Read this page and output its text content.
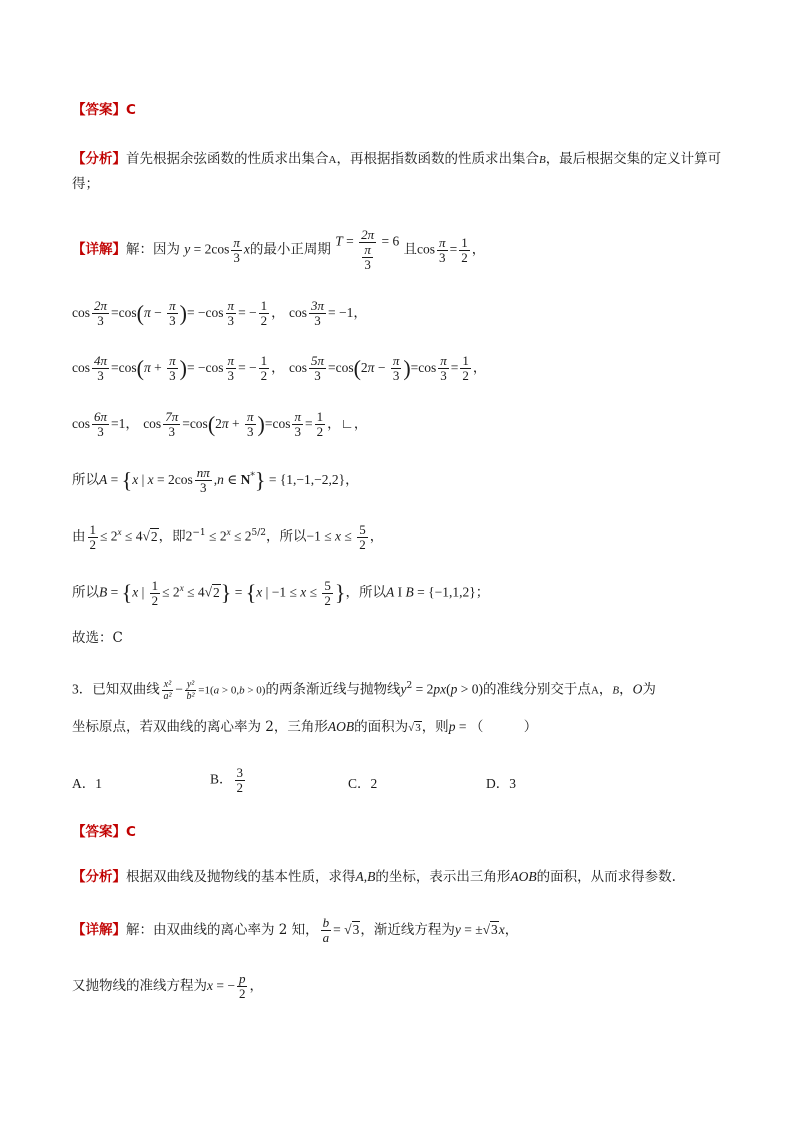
【答案】C
【分析】首先根据余弦函数的性质求出集合A，再根据指数函数的性质求出集合B，最后根据交集的定义计算可得；
【详解】解：因为 $y = 2\cos \frac{\pi}{3}$ x的最小正周期 $T = \frac{2\pi}{\frac{\pi}{3}} = 6$ 且$\cos \frac{\pi}{3} = \frac{1}{2}$ ，
$\cos \frac{2\pi}{3} =\cos(\pi - \frac{\pi}{3}$ )= $-\cos \frac{\pi}{3}$ = − $\frac{1}{2}$ ， $\cos \frac{3\pi}{3} = -1$，
$\cos \frac{4\pi}{3} =\cos(\pi + \frac{\pi}{3}$ )= $-\cos \frac{\pi}{3}$ = − $\frac{1}{2}$ ， $\cos \frac{5\pi}{3} =\cos(2\pi - \frac{\pi}{3} )=\cos \frac{\pi}{3} = \frac{1}{2}$ ，
$\cos \frac{6\pi}{3} =1$， $\cos \frac{7\pi}{3} =\cos(2\pi + \frac{\pi}{3} )=\cos \frac{\pi}{3} = \frac{1}{2}$ ，∟，
所以A = {x | $x = 2\cos \frac{n\pi}{3} ,n$ ∈ N*} = {1,−1,−2,2}，
由 $\frac{1}{2} \le 2^x \le 4√2$，即$2^{-1} \le 2^x \le 2^{5/2}$，所以$-1 \le x \le \frac{5}{2}$ ，
所以B = {x | $\frac{1}{2} \le 2^x \le 4√2\} = \{x$ | $-1 \le x \le \frac{5}{2}$ }，所以A I B = {−1,1,2}；
故选：C
3．已知双曲线 $\frac{\text{x²}}{\text{a²}} - \frac{\text{y²}}{\text{b²}} =1(a > 0,b > 0)$的两条渐近线与抛物线$y^2 = 2px(p > 0)$的准线分别交于点A，B，O为
坐标原点，若双曲线的离心率为 2，三角形AOB的面积为√3，则p = （　　　）
A．1	B． $\frac{3}{2}$	C．2	D．3
【答案】C
【分析】根据双曲线及抛物线的基本性质，求得A,B的坐标，表示出三角形AOB的面积，从而求得参数.
【详解】解：由双曲线的离心率为 2 知， $\frac{b}{a} = √3$，渐近线方程为y = ±√3x，
又抛物线的准线方程为x = − $\frac{p}{2}$ ，
